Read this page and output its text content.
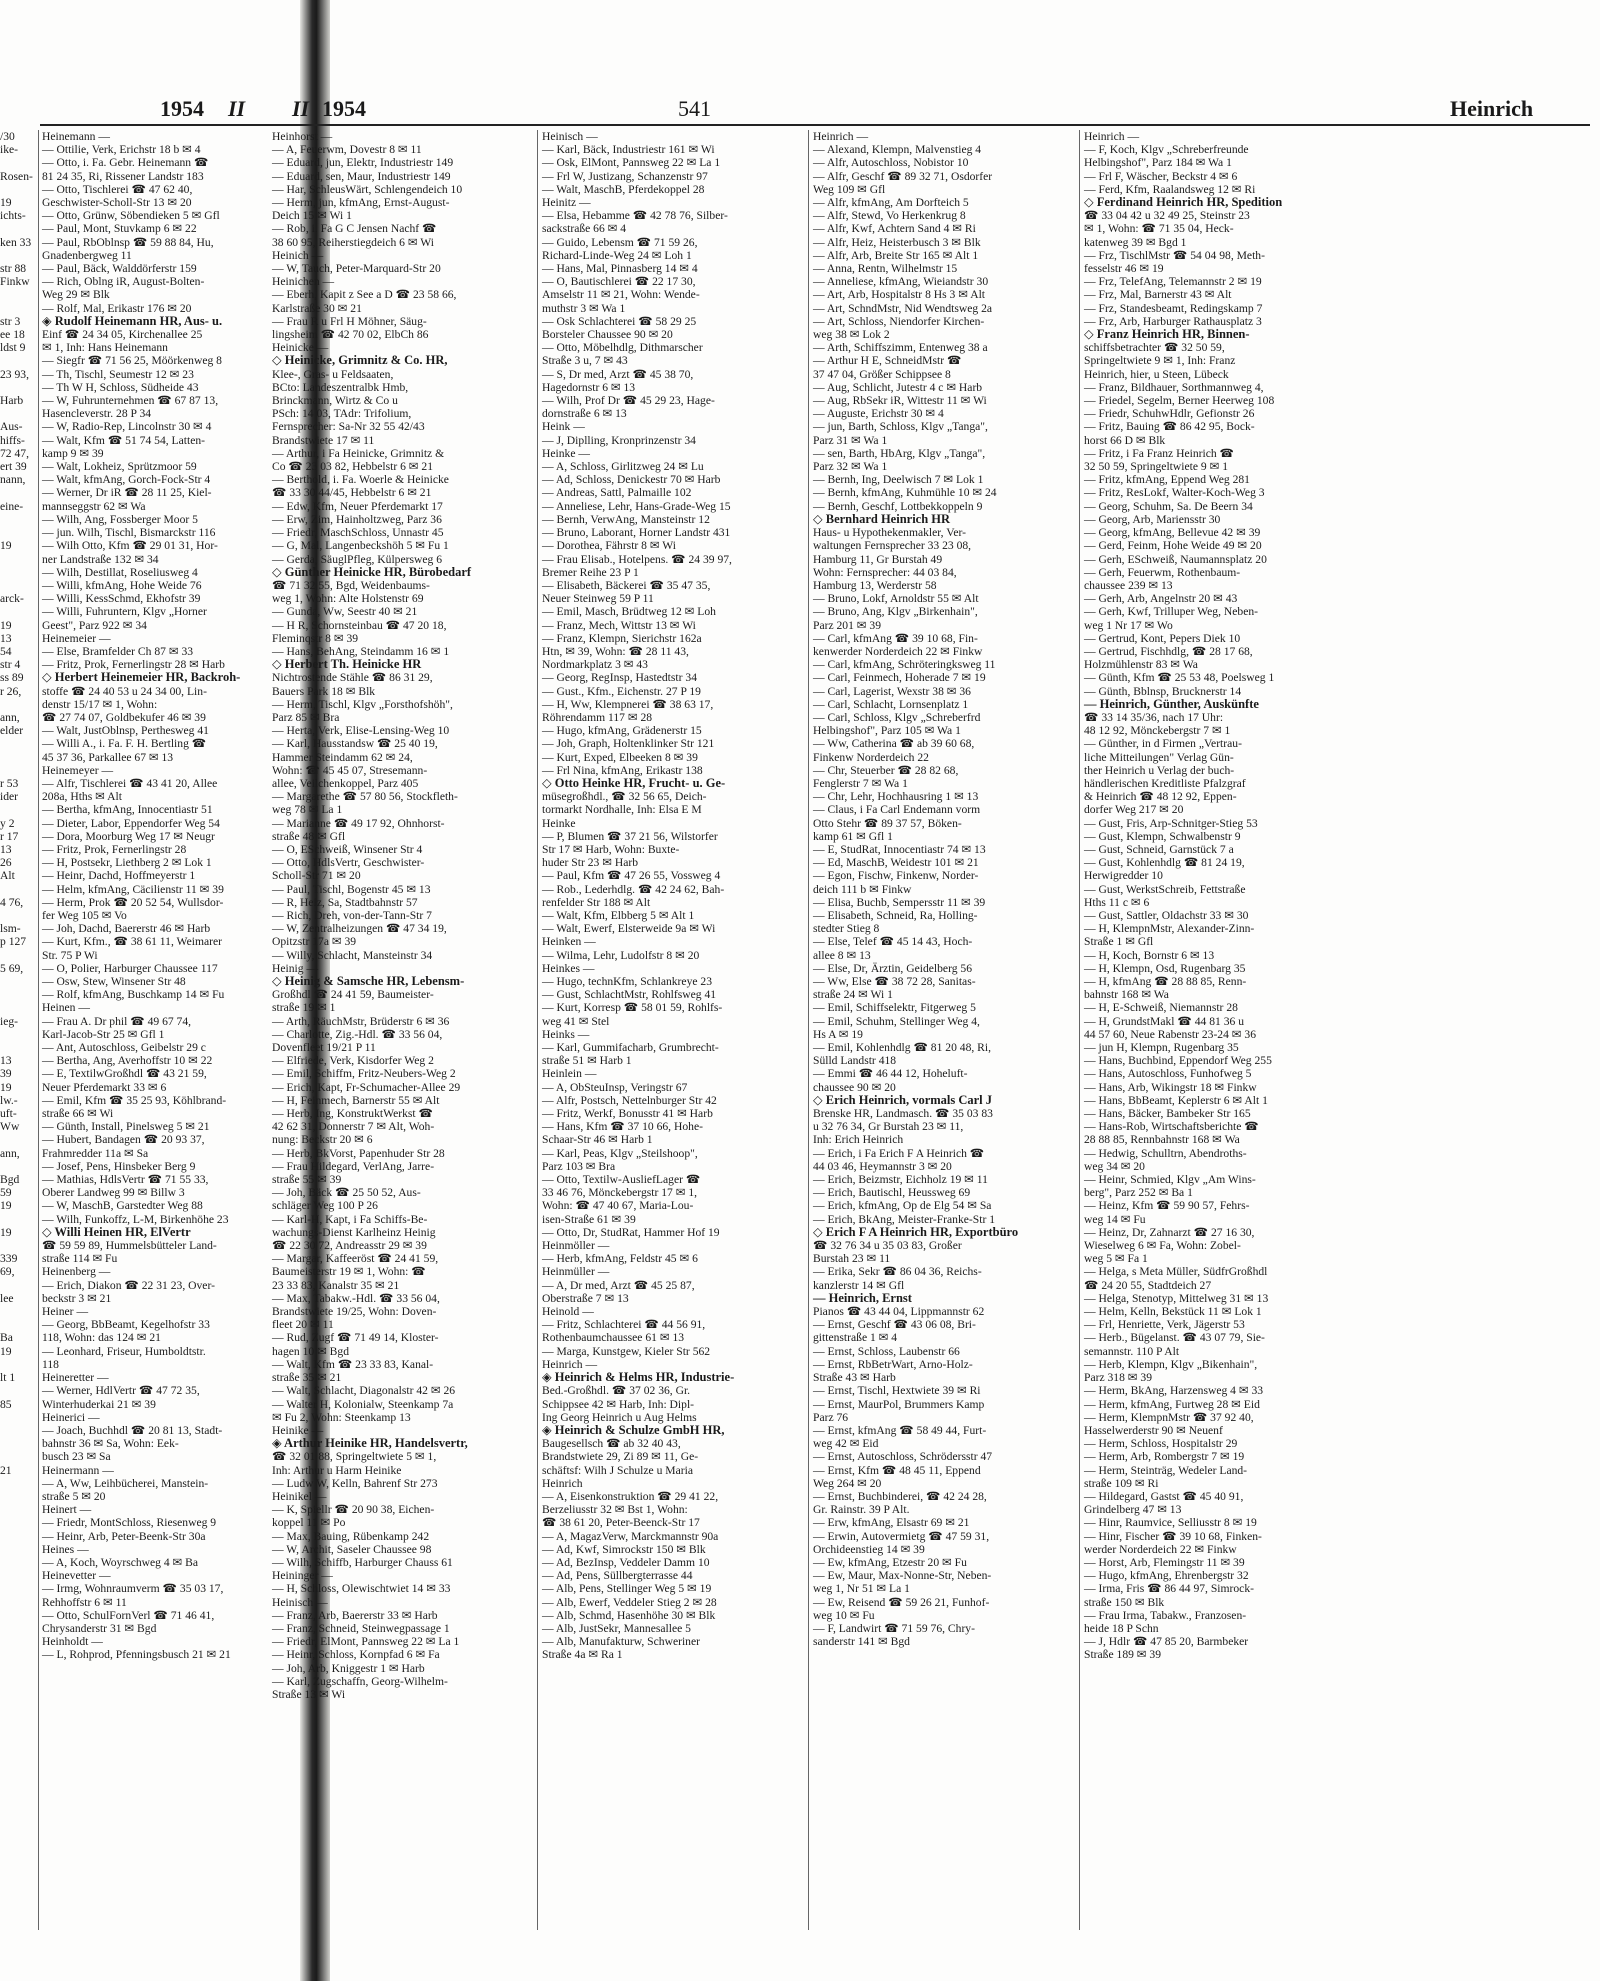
/30
ike-

Rosen-

19
ichts-

ken 33

str 88
Finkw

str 3
ee 18
ldst 9

23 93,

Harb

Aus-
hiffs-
72 47,
ert 39
nann,

eine-

19

arck-

19
13
54
str 4
ss 89
r 26,

ann,
elder

r 53
ider

y 2
r 17
13
26
Alt

4 76,

lsm-
p 127

5 69,

ieg-

13
39
19
lw.-
uft-
Ww

ann,

Bgd
59
19

19

339
69,

lee

Ba
19

lt 1

85

21
1954 II
Heinemann —
— Ottilie, Verk, Erichstr 18 b ✉ 4
— Otto, i. Fa. Gebr. Heinemann ☎
81 24 35, Ri, Rissener Landstr 183
— Otto, Tischlerei ☎ 47 62 40,
Geschwister-Scholl-Str 13 ✉ 20
— Otto, Grünw, Söbendieken 5 ✉ Gfl
— Paul, Mont, Stuvkamp 6 ✉ 22
— Paul, RbOblnsp ☎ 59 88 84, Hu,
Gnadenbergweg 11
— Paul, Bäck, Walddörferstr 159
— Rich, Oblng iR, August-Bolten-
Weg 29 ✉ Blk
— Rolf, Mal, Erikastr 176 ✉ 20
◈ Rudolf Heinemann HR, Aus- u.
Einf ☎ 24 34 05, Kirchenallee 25
✉ 1, Inh: Hans Heinemann
— Siegfr ☎ 71 56 25, Möörkenweg 8
— Th, Tischl, Seumestr 12 ✉ 23
— Th W H, Schloss, Südheide 43
— W, Fuhrunternehmen ☎ 67 87 13,
Hasencleverstr. 28 P 34
— W, Radio-Rep, Lincolnstr 30 ✉ 4
— Walt, Kfm ☎ 51 74 54, Latten-
kamp 9 ✉ 39
— Walt, Lokheiz, Sprützmoor 59
— Walt, kfmAng, Gorch-Fock-Str 4
— Werner, Dr iR ☎ 28 11 25, Kiel-
mannseggstr 62 ✉ Wa
— Wilh, Ang, Fossberger Moor 5
— jun. Wilh, Tischl, Bismarckstr 116
— Wilh Otto, Kfm ☎ 29 01 31, Hor-
ner Landstraße 132 ✉ 34
— Wilh, Destillat, Roseliusweg 4
— Willi, kfmAng, Hohe Weide 76
— Willi, KessSchmd, Ekhofstr 39
— Willi, Fuhruntern, Klgv „Horner
Geest", Parz 922 ✉ 34
Heinemeier —
— Else, Bramfelder Ch 87 ✉ 33
— Fritz, Prok, Fernerlingstr 28 ✉ Harb
◇ Herbert Heinemeier HR, Backroh-
stoffe ☎ 24 40 53 u 24 34 00, Lin-
denstr 15/17 ✉ 1, Wohn:
☎ 27 74 07, Goldbekufer 46 ✉ 39
— Walt, JustOblnsp, Perthesweg 41
— Willi A., i. Fa. F. H. Bertling ☎
45 37 36, Parkallee 67 ✉ 13
Heinemeyer —
— Alfr, Tischlerei ☎ 43 41 20, Allee
208a, Hths ✉ Alt
— Bertha, kfmAng, Innocentiastr 51
— Dieter, Labor, Eppendorfer Weg 54
— Dora, Moorburg Weg 17 ✉ Neugr
— Fritz, Prok, Fernerlingstr 28
— H, Postsekr, Liethberg 2 ✉ Lok 1
— Heinr, Dachd, Hoffmeyerstr 1
— Helm, kfmAng, Cäcilienstr 11 ✉ 39
— Herm, Prok ☎ 20 52 54, Wullsdor-
fer Weg 105 ✉ Vo
— Joh, Dachd, Baererstr 46 ✉ Harb
— Kurt, Kfm., ☎ 38 61 11, Weimarer
Str. 75 P Wi
— O, Polier, Harburger Chaussee 117
— Osw, Stew, Winsener Str 48
— Rolf, kfmAng, Buschkamp 14 ✉ Fu
Heinen —
— Frau A. Dr phil ☎ 49 67 74,
Karl-Jacob-Str 25 ✉ Gfl 1
— Ant, Autoschloss, Geibelstr 29 c
— Bertha, Ang, Averhoffstr 10 ✉ 22
— E, TextilwGroßhdl ☎ 43 21 59,
Neuer Pferdemarkt 33 ✉ 6
— Emil, Kfm ☎ 35 25 93, Köhlbrand-
straße 66 ✉ Wi
— Günth, Install, Pinelsweg 5 ✉ 21
— Hubert, Bandagen ☎ 20 93 37,
Frahmredder 11a ✉ Sa
— Josef, Pens, Hinsbeker Berg 9
— Mathias, HdlsVertr ☎ 71 55 33,
Oberer Landweg 99 ✉ Billw 3
— W, MaschB, Garstedter Weg 88
— Wilh, Funkoffz, L-M, Birkenhöhe 23
◇ Willi Heinen HR, ElVertr
☎ 59 59 89, Hummelsbütteler Land-
straße 114 ✉ Fu
Heinenberg —
— Erich, Diakon ☎ 22 31 23, Over-
beckstr 3 ✉ 21
Heiner —
— Georg, BbBeamt, Kegelhofstr 33
118, Wohn: das 124 ✉ 21
— Leonhard, Friseur, Humboldtstr.
118
Heineretter —
— Werner, HdlVertr ☎ 47 72 35,
Winterhuderkai 21 ✉ 39
Heinerici —
— Joach, Buchhdl ☎ 20 81 13, Stadt-
bahnstr 36 ✉ Sa, Wohn: Eek-
busch 23 ✉ Sa
Heinermann —
— A, Ww, Leihbücherei, Manstein-
straße 5 ✉ 20
Heinert —
— Friedr, MontSchloss, Riesenweg 9
— Heinr, Arb, Peter-Beenk-Str 30a
Heines —
— A, Koch, Woyrschweg 4 ✉ Ba
Heinevetter —
— Irmg, Wohnraumverm ☎ 35 03 17,
Rehhoffstr 6 ✉ 11
— Otto, SchulFornVerl ☎ 71 46 41,
Chrysanderstr 31 ✉ Bgd
Heinholdt —
— L, Rohprod, Pfenningsbusch 21 ✉ 21
II 1954	541	Heinrich
Heinhorst —
— A, Feuerwm, Dovestr 8 ✉ 11
— Eduard, jun, Elektr, Industriestr 149
— Eduard, sen, Maur, Industriestr 149
— Har, SchleusWärt, Schlengendeich 10
— Herm, jun, kfmAng, Ernst-August-
Deich 15 ✉ Wi 1
— Rob, i. Fa G C Jensen Nachf ☎
38 60 95, Reiherstiegdeich 6 ✉ Wi
Heinich —
— W, Tauch, Peter-Marquard-Str 20
Heinichen —
— Eberh, Kapit z See a D ☎ 23 58 66,
Karlstraße 30 ✉ 21
— Frau R u Frl H Möhner, Säug-
lingsheim ☎ 42 70 02, ElbCh 86
Heinicke —
◇ Heinicke, Grimnitz & Co. HR,
Klee-, Gras- u Feldsaaten,
BCto: Landeszentralbk Hmb,
Brinckmann, Wirtz & Co u
PSch: 14 03, TAdr: Trifolium,
Fernsprecher: Sa-Nr 32 55 42/43
Brandstwiete 17 ✉ 11
— Arthur, i Fa Heinicke, Grimnitz &
Co ☎ 23 03 82, Hebbelstr 6 ✉ 21
— Berthold, i. Fa. Woerle & Heinicke
☎ 33 30 44/45, Hebbelstr 6 ✉ 21
— Edw, Kfm, Neuer Pferdemarkt 17
— Erw, Zim, Hainholtzweg, Parz 36
— Friedr, MaschSchloss, Unnastr 45
— G, Mal, Langenbeckshöh 5 ✉ Fu 1
— Gerda, SäuglPfleg, Külpersweg 6
◇ Günther Heinicke HR, Bürobedarf
☎ 71 32 55, Bgd, Weidenbaums-
weg 1, Wohn: Alte Holstenstr 69
— Gunda, Ww, Seestr 40 ✉ 21
— H R, Schornsteinbau ☎ 47 20 18,
Fleminqstr 8 ✉ 39
— Hans, BehAng, Steindamm 16 ✉ 1
◇ Herbert Th. Heinicke HR
Nichtrostende Stähle ☎ 86 31 29,
Bauers Park 18 ✉ Blk
— Herm, Tischl, Klgv „Forsthofshöh",
Parz 85 ✉ Bra
— Herta, Verk, Elise-Lensing-Weg 10
— Karl, Hausstandsw ☎ 25 40 19,
Hammer Steindamm 62 ✉ 24,
Wohn: ☎ 45 45 07, Stresemann-
allee, Veilchenkoppel, Parz 405
— Margarethe ☎ 57 80 56, Stockfleth-
weg 78 ✉ La 1
— Marianne ☎ 49 17 92, Ohnhorst-
straße 48 ✉ Gfl
— O, ESchweiß, Winsener Str 4
— Otto, HdlsVertr, Geschwister-
Scholl-Str 71 ✉ 20
— Paul, Tischl, Bogenstr 45 ✉ 13
— R, Heiz, Sa, Stadtbahnstr 57
— Rich, Dreh, von-der-Tann-Str 7
— W, Zentralheizungen ☎ 47 34 19,
Opitzstr 17a ✉ 39
— Willy, Schlacht, Mansteinstr 34
Heinig —
◇ Heinig & Samsche HR, Lebensm-
Großhdl ☎ 24 41 59, Baumeister-
straße 19 ✉ 1
— Arth, RäuchMstr, Brüderstr 6 ✉ 36
— Charlotte, Zig.-Hdl. ☎ 33 56 04,
Dovenfleet 19/21 P 11
— Elfriede, Verk, Kisdorfer Weg 2
— Emil, Schiffm, Fritz-Neubers-Weg 2
— Erich, Kapt, Fr-Schumacher-Allee 29
— H, Feinmech, Barnerstr 55 ✉ Alt
— Herb, Ing, KonstruktWerkst ☎
42 62 31, Donnerstr 7 ✉ Alt, Woh-
nung: Beckstr 20 ✉ 6
— Herb, BkVorst, Papenhuder Str 28
— Frau Hildegard, VerlAng, Jarre-
straße 55 ✉ 39
— Joh, Bäck ☎ 25 50 52, Aus-
schläger Weg 100 P 26
— Karl-H, Kapt, i Fa Schiffs-Be-
wachungs-Dienst Karlheinz Heinig
☎ 22 30 72, Andreasstr 29 ✉ 39
— Margar, Kaffeeröst ☎ 24 41 59,
Baumeisterstr 19 ✉ 1, Wohn: ☎
23 33 83, Kanalstr 35 ✉ 21
— Max, Tabakw.-Hdl. ☎ 33 56 04,
Brandstwiete 19/25, Wohn: Doven-
fleet 20 ✉ 11
— Rud, Zugf ☎ 71 49 14, Kloster-
hagen 10 ✉ Bgd
— Walt, Kfm ☎ 23 33 83, Kanal-
straße 35 ✉ 21
— Walt, Schlacht, Diagonalstr 42 ✉ 26
— Walter H, Kolonialw, Steenkamp 7a
✉ Fu 2, Wohn: Steenkamp 13
Heinike —
◈ Arthur Heinike HR, Handelsvertr,
☎ 32 01 88, Springeltwiete 5 ✉ 1,
Inh: Arthur u Harm Heinike
— Ludw W, Kelln, Bahrenf Str 273
Heinikel —
— K, Spiellr ☎ 20 90 38, Eichen-
koppel 11 ✉ Po
— Max, Bauing, Rübenkamp 242
— W, Archit, Saseler Chaussee 98
— Wilh, Schiffb, Harburger Chauss 61
Heininger —
— H, Schloss, Olewischtwiet 14 ✉ 33
Heinisch —
— Franz, Arb, Baererstr 33 ✉ Harb
— Franz, Schneid, Steinwegpassage 1
— Friedr, ElMont, Pannsweg 22 ✉ La 1
— Heinr, Schloss, Kornpfad 6 ✉ Fa
— Joh, Arb, Kniggestr 1 ✉ Harb
— Karl, Zugschaffn, Georg-Wilhelm-
Straße 13 ✉ Wi
Heinisch —
— Karl, Bäck, Industriestr 161 ✉ Wi
— Osk, ElMont, Pannsweg 22 ✉ La 1
— Frl W, Justizang, Schanzenstr 97
— Walt, MaschB, Pferdekoppel 28
Heinitz —
— Elsa, Hebamme ☎ 42 78 76, Silber-
sackstraße 66 ✉ 4
— Guido, Lebensm ☎ 71 59 26,
Richard-Linde-Weg 24 ✉ Loh 1
— Hans, Mal, Pinnasberg 14 ✉ 4
— O, Bautischlerei ☎ 22 17 30,
Amselstr 11 ✉ 21, Wohn: Wende-
muthstr 3 ✉ Wa 1
— Osk Schlachterei ☎ 58 29 25
Borsteler Chaussee 90 ✉ 20
— Otto, Möbelhdlg, Dithmarscher
Straße 3 u, 7 ✉ 43
— S, Dr med, Arzt ☎ 45 38 70,
Hagedornstr 6 ✉ 13
— Wilh, Prof Dr ☎ 45 29 23, Hage-
dornstraße 6 ✉ 13
Heink —
— J, Diplling, Kronprinzenstr 34
Heinke —
— A, Schloss, Girlitzweg 24 ✉ Lu
— Ad, Schloss, Denickestr 70 ✉ Harb
— Andreas, Sattl, Palmaille 102
— Anneliese, Lehr, Hans-Grade-Weg 15
— Bernh, VerwAng, Mansteinstr 12
— Bruno, Laborant, Horner Landstr 431
— Dorothea, Fährstr 8 ✉ Wi
— Frau Elisab., Hotelpens. ☎ 24 39 97,
Bremer Reihe 23 P 1
— Elisabeth, Bäckerei ☎ 35 47 35,
Neuer Steinweg 59 P 11
— Emil, Masch, Brüdtweg 12 ✉ Loh
— Franz, Mech, Wittstr 13 ✉ Wi
— Franz, Klempn, Sierichstr 162a
Htn, ✉ 39, Wohn: ☎ 28 11 43,
Nordmarkplatz 3 ✉ 43
— Georg, RegInsp, Hastedtstr 34
— Gust., Kfm., Eichenstr. 27 P 19
— H, Ww, Klempnerei ☎ 38 63 17,
Röhrendamm 117 ✉ 28
— Hugo, kfmAng, Grädenerstr 15
— Joh, Graph, Holtenklinker Str 121
— Kurt, Exped, Elbeeken 8 ✉ 39
— Frl Nina, kfmAng, Erikastr 138
◇ Otto Heinke HR, Frucht- u. Ge-
müsegroßhdl., ☎ 32 56 65, Deich-
tormarkt Nordhalle, Inh: Elsa E M
Heinke
— P, Blumen ☎ 37 21 56, Wilstorfer
Str 17 ✉ Harb, Wohn: Buxte-
huder Str 23 ✉ Harb
— Paul, Kfm ☎ 47 26 55, Vossweg 4
— Rob., Lederhdlg. ☎ 42 24 62, Bah-
renfelder Str 188 ✉ Alt
— Walt, Kfm, Elbberg 5 ✉ Alt 1
— Walt, Ewerf, Elsterweide 9a ✉ Wi
Heinken —
— Wilma, Lehr, Ludolfstr 8 ✉ 20
Heinkes —
— Hugo, technKfm, Schlankreye 23
— Gust, SchlachtMstr, Rohlfsweg 41
— Kurt, Korresp ☎ 58 01 59, Rohlfs-
weg 41 ✉ Stel
Heinks —
— Karl, Gummifacharb, Grumbrecht-
straße 51 ✉ Harb 1
Heinlein —
— A, ObSteuInsp, Veringstr 67
— Alfr, Postsch, Nettelnburger Str 42
— Fritz, Werkf, Bonusstr 41 ✉ Harb
— Hans, Kfm ☎ 37 10 66, Hohe-
Schaar-Str 46 ✉ Harb 1
— Karl, Peas, Klgv „Steilshoop",
Parz 103 ✉ Bra
— Otto, Textilw-AusliefLager ☎
33 46 76, Mönckebergstr 17 ✉ 1,
Wohn: ☎ 47 40 67, Maria-Lou-
isen-Straße 61 ✉ 39
— Otto, Dr, StudRat, Hammer Hof 19
Heinmöller —
— Herb, kfmAng, Feldstr 45 ✉ 6
Heinmüller —
— A, Dr med, Arzt ☎ 45 25 87,
Oberstraße 7 ✉ 13
Heinold —
— Fritz, Schlachterei ☎ 44 56 91,
Rothenbaumchaussee 61 ✉ 13
— Marga, Kunstgew, Kieler Str 562
Heinrich —
◈ Heinrich & Helms HR, Industrie-
Bed.-Großhdl. ☎ 37 02 36, Gr.
Schippsee 42 ✉ Harb, Inh: Dipl-
Ing Georg Heinrich u Aug Helms
◈ Heinrich & Schulze GmbH HR,
Baugesellsch ☎ ab 32 40 43,
Brandstwiete 29, Zi 89 ✉ 11, Ge-
schäftsf: Wilh J Schulze u Maria
Heinrich
— A, Eisenkonstruktion ☎ 29 41 22,
Berzeliusstr 32 ✉ Bst 1, Wohn:
☎ 38 61 20, Peter-Beenck-Str 17
— A, MagazVerw, Marckmannstr 90a
— Ad, Kwf, Simrockstr 150 ✉ Blk
— Ad, BezInsp, Veddeler Damm 10
— Ad, Pens, Süllbergterrasse 44
— Alb, Pens, Stellinger Weg 5 ✉ 19
— Alb, Ewerf, Veddeler Stieg 2 ✉ 28
— Alb, Schmd, Hasenhöhe 30 ✉ Blk
— Alb, JustSekr, Mannesallee 5
— Alb, Manufakturw, Schweriner
Straße 4a ✉ Ra 1
Heinrich —
— Alexand, Klempn, Malvenstieg 4
— Alfr, Autoschloss, Nobistor 10
— Alfr, Geschf ☎ 89 32 71, Osdorfer
Weg 109 ✉ Gfl
— Alfr, kfmAng, Am Dorfteich 5
— Alfr, Stewd, Vo Herkenkrug 8
— Alfr, Kwf, Achtern Sand 4 ✉ Ri
— Alfr, Heiz, Heisterbusch 3 ✉ Blk
— Alfr, Arb, Breite Str 165 ✉ Alt 1
— Anna, Rentn, Wilhelmstr 15
— Anneliese, kfmAng, Wieiandstr 30
— Art, Arb, Hospitalstr 8 Hs 3 ✉ Alt
— Art, SchndMstr, Nid Wendtsweg 2a
— Art, Schloss, Niendorfer Kirchen-
weg 38 ✉ Lok 2
— Arth, Schiffszimm, Entenweg 38 a
— Arthur H E, SchneidMstr ☎
37 47 04, Größer Schippsee 8
— Aug, Schlicht, Jutestr 4 c ✉ Harb
— Aug, RbSekr iR, Wittestr 11 ✉ Wi
— Auguste, Erichstr 30 ✉ 4
— jun, Barth, Schloss, Klgv „Tanga",
Parz 31 ✉ Wa 1
— sen, Barth, HbArg, Klgv „Tanga",
Parz 32 ✉ Wa 1
— Bernh, Ing, Deelwisch 7 ✉ Lok 1
— Bernh, kfmAng, Kuhmühle 10 ✉ 24
— Bernh, Geschf, Lottbekkoppeln 9
◇ Bernhard Heinrich HR
Haus- u Hypothekenmakler, Ver-
waltungen Fernsprecher 33 23 08,
Hamburg 11, Gr Burstah 49
Wohn: Fernsprecher: 44 03 84,
Hamburg 13, Werderstr 58
— Bruno, Lokf, Arnoldstr 55 ✉ Alt
— Bruno, Ang, Klgv „Birkenhain",
Parz 201 ✉ 39
— Carl, kfmAng ☎ 39 10 68, Fin-
kenwerder Norderdeich 22 ✉ Finkw
— Carl, kfmAng, Schröteringksweg 11
— Carl, Feinmech, Hoherade 7 ✉ 19
— Carl, Lagerist, Wexstr 38 ✉ 36
— Carl, Schlacht, Lornsenplatz 1
— Carl, Schloss, Klgv „Schreberfrd
Helbingshof", Parz 105 ✉ Wa 1
— Ww, Catherina ☎ ab 39 60 68,
Finkenw Norderdeich 22
— Chr, Steuerber ☎ 28 82 68,
Fenglerstr 7 ✉ Wa 1
— Chr, Lehr, Hochhausring 1 ✉ 13
— Claus, i Fa Carl Endemann vorm
Otto Stehr ☎ 89 37 57, Böken-
kamp 61 ✉ Gfl 1
— E, StudRat, Innocentiastr 74 ✉ 13
— Ed, MaschB, Weidestr 101 ✉ 21
— Egon, Fischw, Finkenw, Norder-
deich 111 b ✉ Finkw
— Elisa, Buchb, Sempersstr 11 ✉ 39
— Elisabeth, Schneid, Ra, Holling-
stedter Stieg 8
— Else, Telef ☎ 45 14 43, Hoch-
allee 8 ✉ 13
— Else, Dr, Ärztin, Geidelberg 56
— Ww, Else ☎ 38 72 28, Sanitas-
straße 24 ✉ Wi 1
— Emil, Schiffselektr, Fitgerweg 5
— Emil, Schuhm, Stellinger Weg 4,
Hs A ✉ 19
— Emil, Kohlenhdlg ☎ 81 20 48, Ri,
Sülld Landstr 418
— Emmi ☎ 46 44 12, Hoheluft-
chaussee 90 ✉ 20
◇ Erich Heinrich, vormals Carl J
Brenske HR, Landmasch. ☎ 35 03 83
u 32 76 34, Gr Burstah 23 ✉ 11,
Inh: Erich Heinrich
— Erich, i Fa Erich F A Heinrich ☎
44 03 46, Heymannstr 3 ✉ 20
— Erich, Beizmstr, Eichholz 19 ✉ 11
— Erich, Bautischl, Heussweg 69
— Erich, kfmAng, Op de Elg 54 ✉ Sa
— Erich, BkAng, Meister-Franke-Str 1
◇ Erich F A Heinrich HR, Exportbüro
☎ 32 76 34 u 35 03 83, Großer
Burstah 23 ✉ 11
— Erika, Sekr ☎ 86 04 36, Reichs-
kanzlerstr 14 ✉ Gfl
— Heinrich, Ernst
Pianos ☎ 43 44 04, Lippmannstr 62
— Ernst, Geschf ☎ 43 06 08, Bri-
gittenstraße 1 ✉ 4
— Ernst, Schloss, Laubenstr 66
— Ernst, RbBetrWart, Arno-Holz-
Straße 43 ✉ Harb
— Ernst, Tischl, Hextwiete 39 ✉ Ri
— Ernst, MaurPol, Brummers Kamp
Parz 76
— Ernst, kfmAng ☎ 58 49 44, Furt-
weg 42 ✉ Eid
— Ernst, Autoschloss, Schrödersstr 47
— Ernst, Kfm ☎ 48 45 11, Eppend
Weg 264 ✉ 20
— Ernst, Buchbinderei, ☎ 42 24 28,
Gr. Rainstr. 39 P Alt.
— Erw, kfmAng, Elsastr 69 ✉ 21
— Erwin, Autovermietg ☎ 47 59 31,
Orchideenstieg 14 ✉ 39
— Ew, kfmAng, Etzestr 20 ✉ Fu
— Ew, Maur, Max-Nonne-Str, Neben-
weg 1, Nr 51 ✉ La 1
— Ew, Reisend ☎ 59 26 21, Funhof-
weg 10 ✉ Fu
— F, Landwirt ☎ 71 59 76, Chry-
sanderstr 141 ✉ Bgd
Heinrich —
— F, Koch, Klgv „Schreberfreunde
Helbingshof", Parz 184 ✉ Wa 1
— Frl F, Wäscher, Beckstr 4 ✉ 6
— Ferd, Kfm, Raalandsweg 12 ✉ Ri
◇ Ferdinand Heinrich HR, Spedition
☎ 33 04 42 u 32 49 25, Steinstr 23
✉ 1, Wohn: ☎ 71 35 04, Heck-
katenweg 39 ✉ Bgd 1
— Frz, TischlMstr ☎ 54 04 98, Meth-
fesselstr 46 ✉ 19
— Frz, TelefAng, Telemannstr 2 ✉ 19
— Frz, Mal, Barnerstr 43 ✉ Alt
— Frz, Standesbeamt, Redingskamp 7
— Frz, Arb, Harburger Rathausplatz 3
◇ Franz Heinrich HR, Binnen-
schiffsbetrachter ☎ 32 50 59,
Springeltwiete 9 ✉ 1, Inh: Franz
Heinrich, hier, u Steen, Lübeck
— Franz, Bildhauer, Sorthmannweg 4,
— Friedel, Segelm, Berner Heerweg 108
— Friedr, SchuhwHdlr, Gefionstr 26
— Fritz, Bauing ☎ 86 42 95, Bock-
horst 66 D ✉ Blk
— Fritz, i Fa Franz Heinrich ☎
32 50 59, Springeltwiete 9 ✉ 1
— Fritz, kfmAng, Eppend Weg 281
— Fritz, ResLokf, Walter-Koch-Weg 3
— Georg, Schuhm, Sa. De Beern 34
— Georg, Arb, Mariensstr 30
— Georg, kfmAng, Bellevue 42 ✉ 39
— Gerd, Feinm, Hohe Weide 49 ✉ 20
— Gerh, ESchweiß, Naumannsplatz 20
— Gerh, Feuerwm, Rothenbaum-
chaussee 239 ✉ 13
— Gerh, Arb, Angelnstr 20 ✉ 43
— Gerh, Kwf, Trilluper Weg, Neben-
weg 1 Nr 17 ✉ Wo
— Gertrud, Kont, Pepers Diek 10
— Gertrud, Fischhdlg, ☎ 28 17 68,
Holzmühlenstr 83 ✉ Wa
— Günth, Kfm ☎ 25 53 48, Poelsweg 1
— Günth, Bblnsp, Brucknerstr 14
— Heinrich, Günther, Auskünfte
☎ 33 14 35/36, nach 17 Uhr:
48 12 92, Mönckebergstr 7 ✉ 1
— Günther, in d Firmen „Vertrau-
liche Mitteilungen" Verlag Gün-
ther Heinrich u Verlag der buch-
händlerischen Kreditliste Pfalzgraf
& Heinrich ☎ 48 12 92, Eppen-
dorfer Weg 217 ✉ 20
— Gust, Fris, Arp-Schnitger-Stieg 53
— Gust, Klempn, Schwalbenstr 9
— Gust, Schneid, Garnstück 7 a
— Gust, Kohlenhdlg ☎ 81 24 19,
Herwigredder 10
— Gust, WerkstSchreib, Fettstraße
Hths 11 c ✉ 6
— Gust, Sattler, Oldachstr 33 ✉ 30
— H, KlempnMstr, Alexander-Zinn-
Straße 1 ✉ Gfl
— H, Koch, Bornstr 6 ✉ 13
— H, Klempn, Osd, Rugenbarg 35
— H, kfmAng ☎ 28 88 85, Renn-
bahnstr 168 ✉ Wa
— H, E-Schweiß, Niemannstr 28
— H, GrundstMakl ☎ 44 81 36 u
44 57 60, Neue Rabenstr 23-24 ✉ 36
— jun H, Klempn, Rugenbarg 35
— Hans, Buchbind, Eppendorf Weg 255
— Hans, Autoschloss, Funhofweg 5
— Hans, Arb, Wikingstr 18 ✉ Finkw
— Hans, BbBeamt, Keplerstr 6 ✉ Alt 1
— Hans, Bäcker, Bambeker Str 165
— Hans-Rob, Wirtschaftsberichte ☎
28 88 85, Rennbahnstr 168 ✉ Wa
— Hedwig, Schulltrn, Abendroths-
weg 34 ✉ 20
— Heinr, Schmied, Klgv „Am Wins-
berg", Parz 252 ✉ Ba 1
— Heinz, Kfm ☎ 59 90 57, Fehrs-
weg 14 ✉ Fu
— Heinz, Dr, Zahnarzt ☎ 27 16 30,
Wieselweg 6 ✉ Fa, Wohn: Zobel-
weg 5 ✉ Fa 1
— Helga, s Meta Müller, SüdfrGroßhdl
☎ 24 20 55, Stadtdeich 27
— Helga, Stenotyp, Mittelweg 31 ✉ 13
— Helm, Kelln, Bekstück 11 ✉ Lok 1
— Frl, Henriette, Verk, Jägerstr 53
— Herb., Bügelanst. ☎ 43 07 79, Sie-
semannstr. 110 P Alt
— Herb, Klempn, Klgv „Bikenhain",
Parz 318 ✉ 39
— Herm, BkAng, Harzensweg 4 ✉ 33
— Herm, kfmAng, Furtweg 28 ✉ Eid
— Herm, KlempnMstr ☎ 37 92 40,
Hasselwerderstr 90 ✉ Neuenf
— Herm, Schloss, Hospitalstr 29
— Herm, Arb, Rombergstr 7 ✉ 19
— Herm, Steinträg, Wedeler Land-
straße 109 ✉ Ri
— Hildegard, Gastst ☎ 45 40 91,
Grindelberg 47 ✉ 13
— Hinr, Raumvice, Selliusstr 8 ✉ 19
— Hinr, Fischer ☎ 39 10 68, Finken-
werder Norderdeich 22 ✉ Finkw
— Horst, Arb, Flemingstr 11 ✉ 39
— Hugo, kfmAng, Ehrenbergstr 32
— Irma, Fris ☎ 86 44 97, Simrock-
straße 150 ✉ Blk
— Frau Irma, Tabakw., Franzosen-
heide 18 P Schn
— J, Hdlr ☎ 47 85 20, Barmbeker
Straße 189 ✉ 39
